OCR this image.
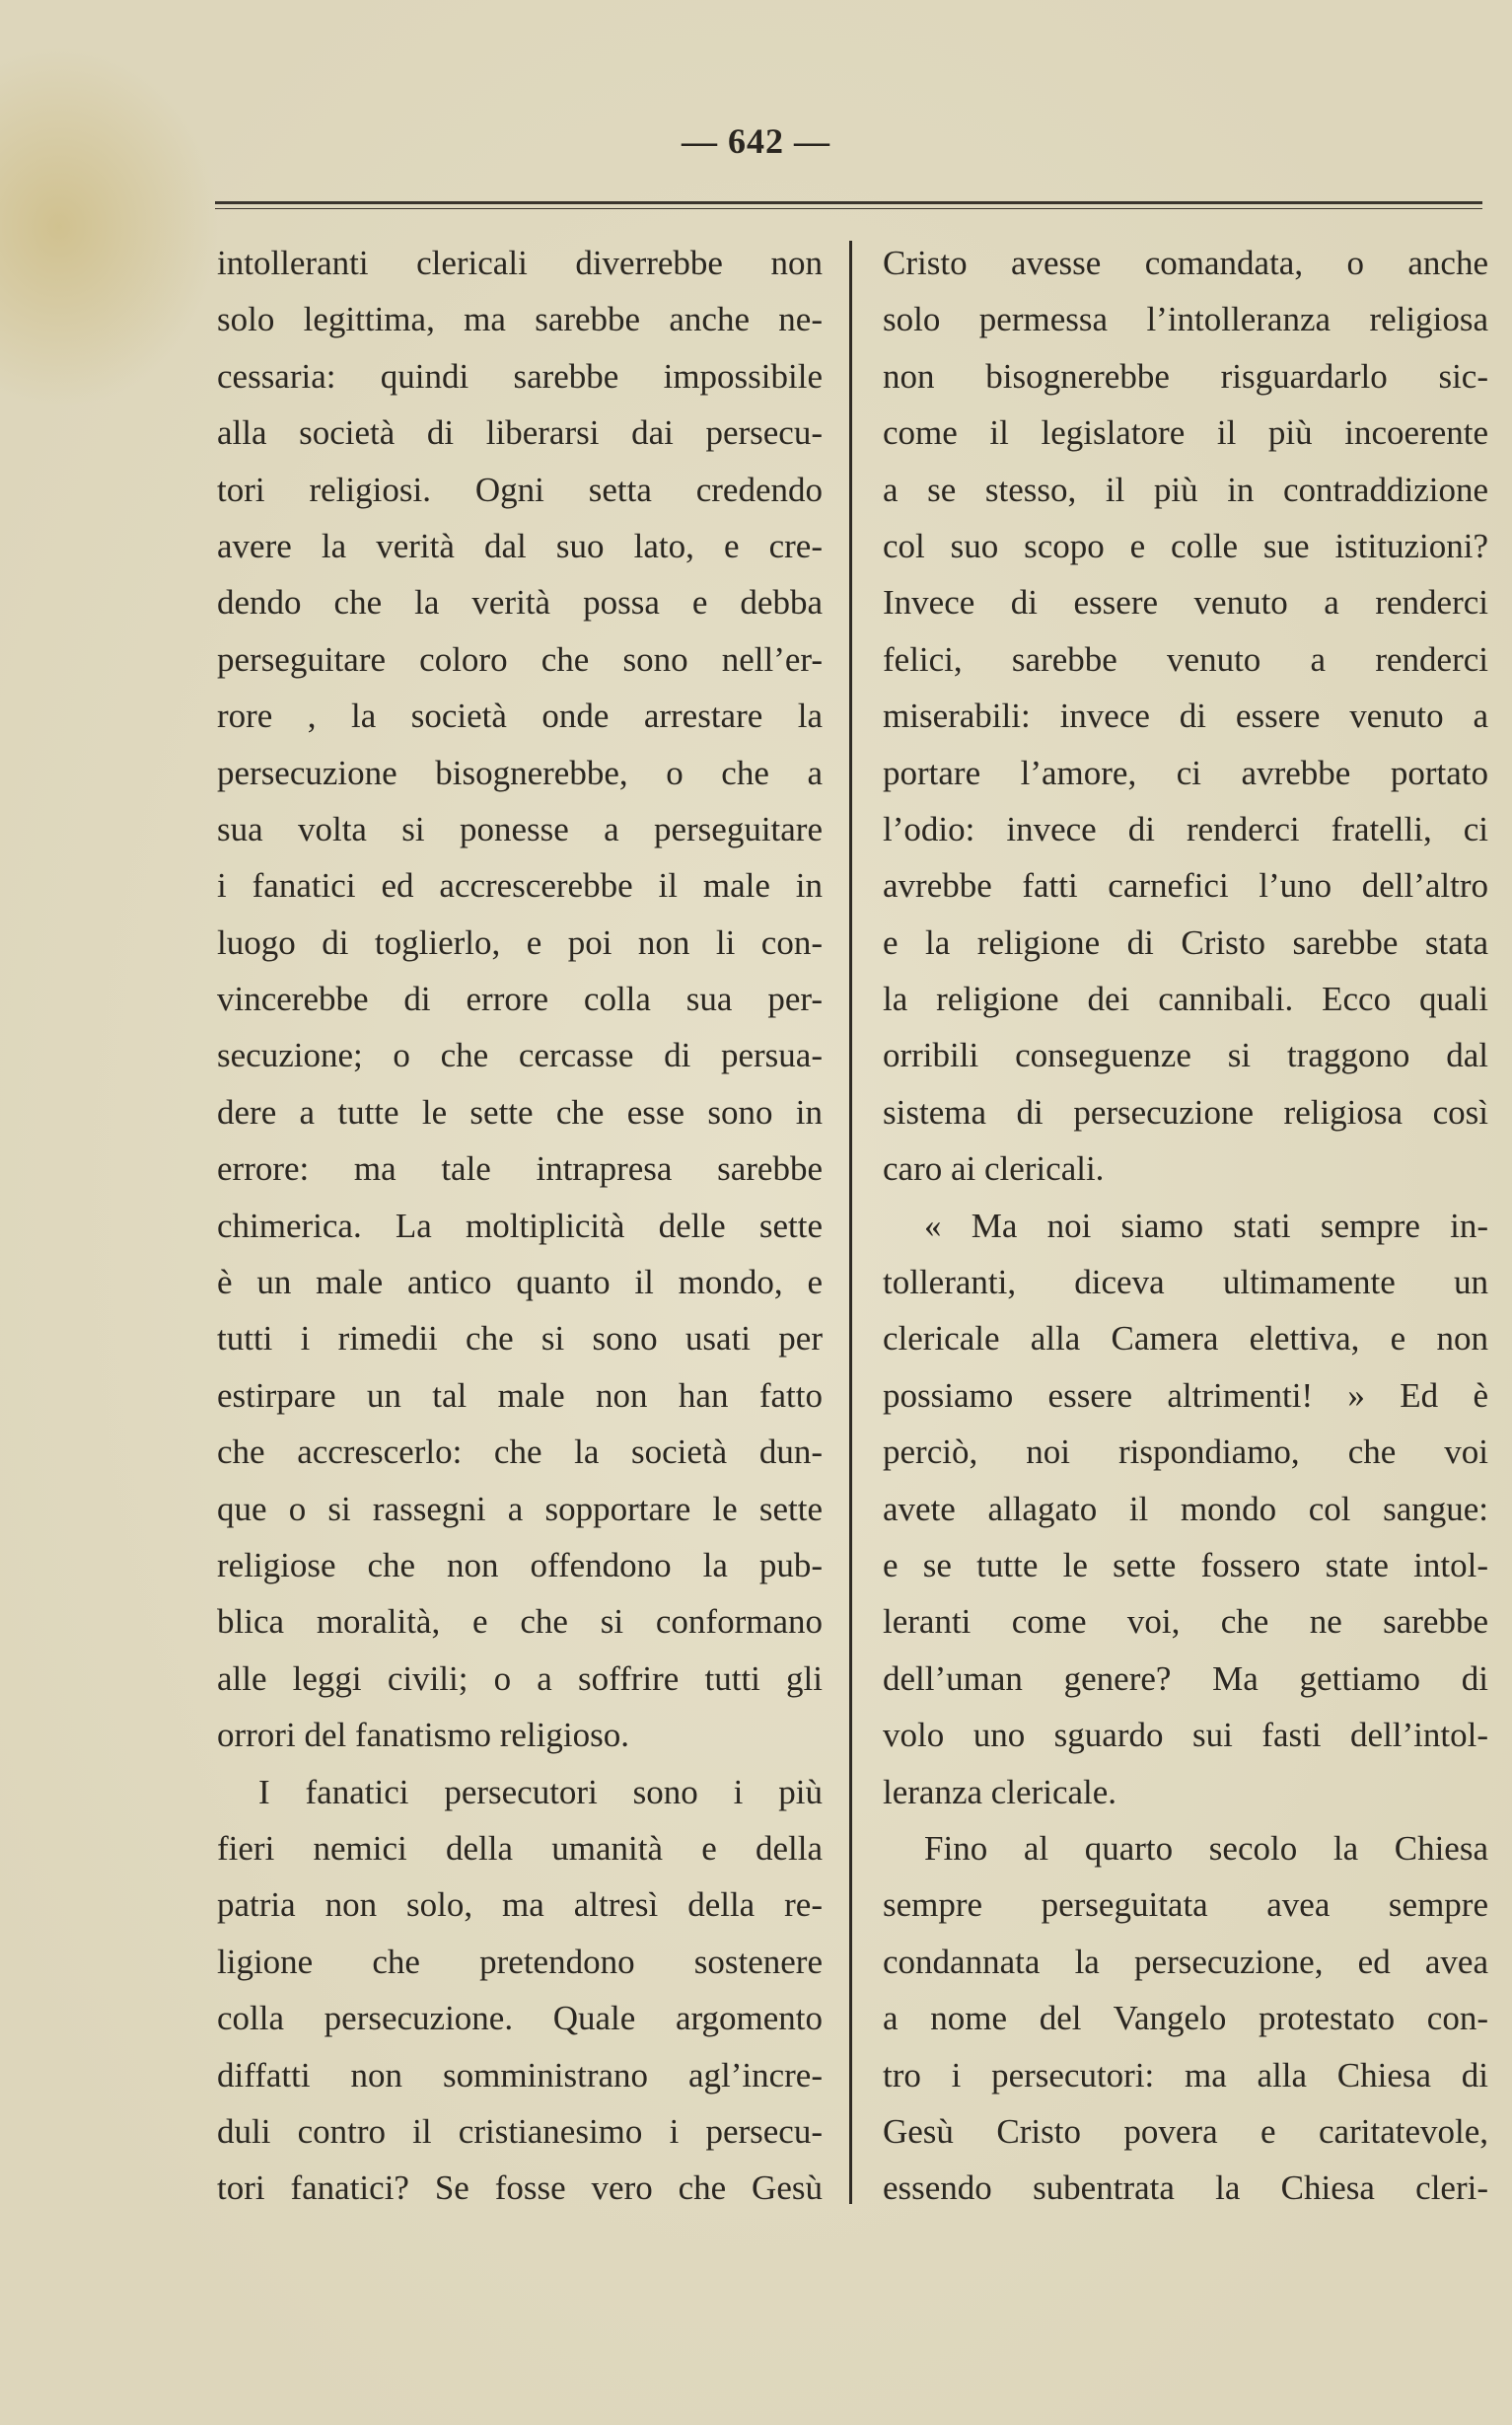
— 642 —
intolleranti clericali diverrebbe non
solo legittima, ma sarebbe anche ne-
cessaria: quindi sarebbe impossibile
alla società di liberarsi dai persecu-
tori religiosi. Ogni setta credendo
avere la verità dal suo lato, e cre-
dendo che la verità possa e debba
perseguitare coloro che sono nell’er-
rore , la società onde arrestare la
persecuzione bisognerebbe, o che a
sua volta si ponesse a perseguitare
i fanatici ed accrescerebbe il male in
luogo di toglierlo, e poi non li con-
vincerebbe di errore colla sua per-
secuzione; o che cercasse di persua-
dere a tutte le sette che esse sono in
errore: ma tale intrapresa sarebbe
chimerica. La moltiplicità delle sette
è un male antico quanto il mondo, e
tutti i rimedii che si sono usati per
estirpare un tal male non han fatto
che accrescerlo: che la società dun-
que o si rassegni a sopportare le sette
religiose che non offendono la pub-
blica moralità, e che si conformano
alle leggi civili; o a soffrire tutti gli
orrori del fanatismo religioso.
I fanatici persecutori sono i più
fieri nemici della umanità e della
patria non solo, ma altresì della re-
ligione che pretendono sostenere
colla persecuzione. Quale argomento
diffatti non somministrano agl’incre-
duli contro il cristianesimo i persecu-
tori fanatici? Se fosse vero che Gesù
Cristo avesse comandata, o anche
solo permessa l’intolleranza religiosa
non bisognerebbe risguardarlo sic-
come il legislatore il più incoerente
a se stesso, il più in contraddizione
col suo scopo e colle sue istituzioni?
Invece di essere venuto a renderci
felici, sarebbe venuto a renderci
miserabili: invece di essere venuto a
portare l’amore, ci avrebbe portato
l’odio: invece di renderci fratelli, ci
avrebbe fatti carnefici l’uno dell’altro
e la religione di Cristo sarebbe stata
la religione dei cannibali. Ecco quali
orribili conseguenze si traggono dal
sistema di persecuzione religiosa così
caro ai clericali.
« Ma noi siamo stati sempre in-
tolleranti, diceva ultimamente un
clericale alla Camera elettiva, e non
possiamo essere altrimenti! » Ed è
perciò, noi rispondiamo, che voi
avete allagato il mondo col sangue:
e se tutte le sette fossero state intol-
leranti come voi, che ne sarebbe
dell’uman genere? Ma gettiamo di
volo uno sguardo sui fasti dell’intol-
leranza clericale.
Fino al quarto secolo la Chiesa
sempre perseguitata avea sempre
condannata la persecuzione, ed avea
a nome del Vangelo protestato con-
tro i persecutori: ma alla Chiesa di
Gesù Cristo povera e caritatevole,
essendo subentrata la Chiesa cleri-
